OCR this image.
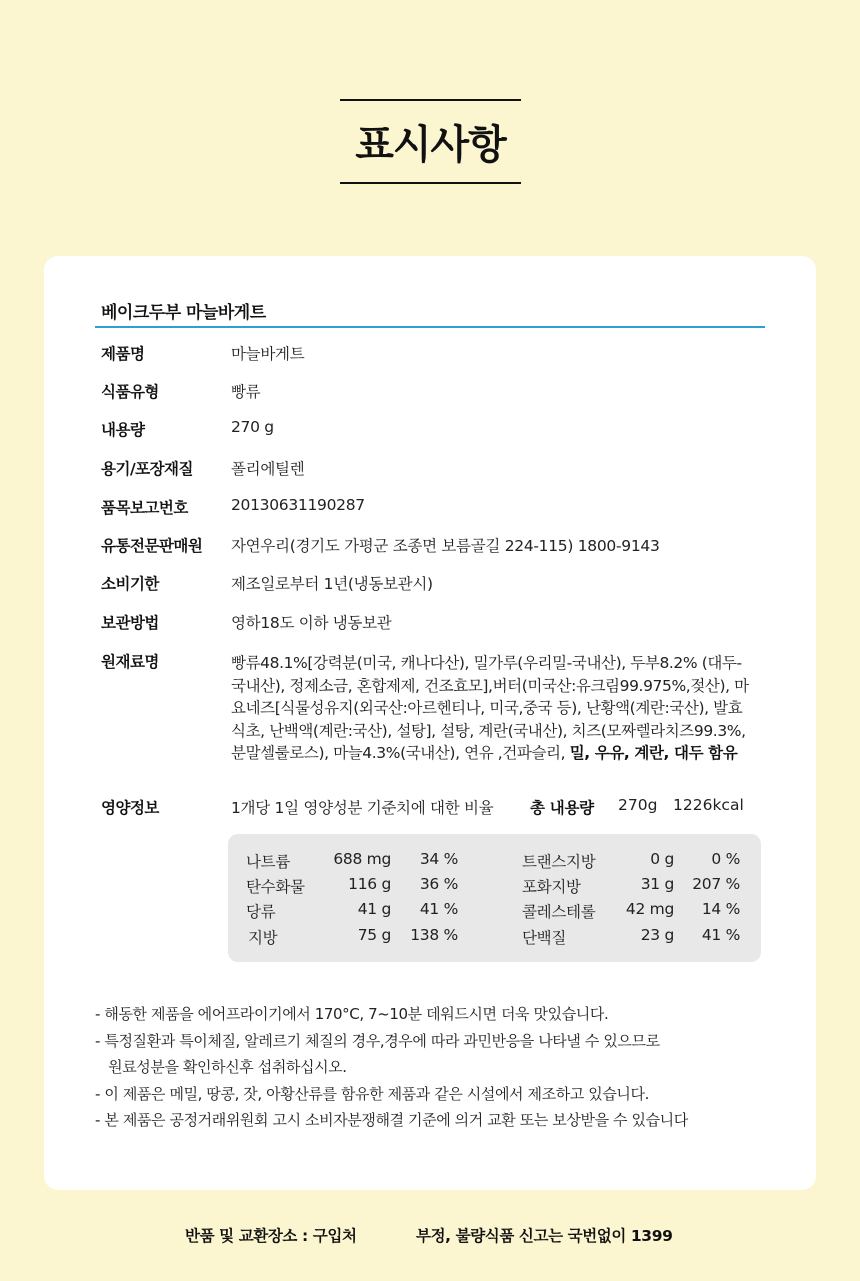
표시사항
베이크두부 마늘바게트
제품명	마늘바게트
식품유형	빵류
내용량	270 g
용기/포장재질 폴리에틸렌
품목보고번호	20130631190287
유통전문판매원 자연우리(경기도 가평군 조종면 보름골길 224-115) 1800-9143
소비기한	제조일로부터 1년(냉동보관시)
보관방법	영하18도 이하 냉동보관
원재료명	빵류48.1%[강력분(미국, 캐나다산), 밀가루(우리밀-국내산), 두부8.2% (대두-
국내산), 정제소금, 혼합제제, 건조효모],버터(미국산:유크림99.975%,젖산), 마
요네즈[식물성유지(외국산:아르헨티나, 미국,중국 등), 난황액(계란:국산), 발효
식초, 난백액(계란:국산), 설탕], 설탕, 계란(국내산), 치즈(모짜렐라치즈99.3%,
분말셀룰로스), 마늘4.3%(국내산), 연유 ,건파슬리, 밀, 우유, 계란, 대두 함유
영양정보	1개당 1일 영양성분 기준치에 대한 비율 총 내용량 270g 1226kcal
나트륨	688 mg 34 %
탄수화물	116 g 36 %
당류	41 g 41 %
지방	75 g 138 %
트랜스지방	0 g 0 %
포화지방	31 g 207 %
콜레스테롤 42 mg 14 %
단백질	23 g 41 %
- 해동한 제품을 에어프라이기에서 170°C, 7~10분 데워드시면 더욱 맛있습니다.
- 특정질환과 특이체질, 알레르기 체질의 경우,경우에 따라 과민반응을 나타낼 수 있으므로
원료성분을 확인하신후 섭취하십시오.
- 이 제품은 메밀, 땅콩, 잣, 아황산류를 함유한 제품과 같은 시설에서 제조하고 있습니다.
- 본 제품은 공정거래위원회 고시 소비자분쟁해결 기준에 의거 교환 또는 보상받을 수 있습니다
반품 및 교환장소 : 구입처	부정, 불량식품 신고는 국번없이 1399
